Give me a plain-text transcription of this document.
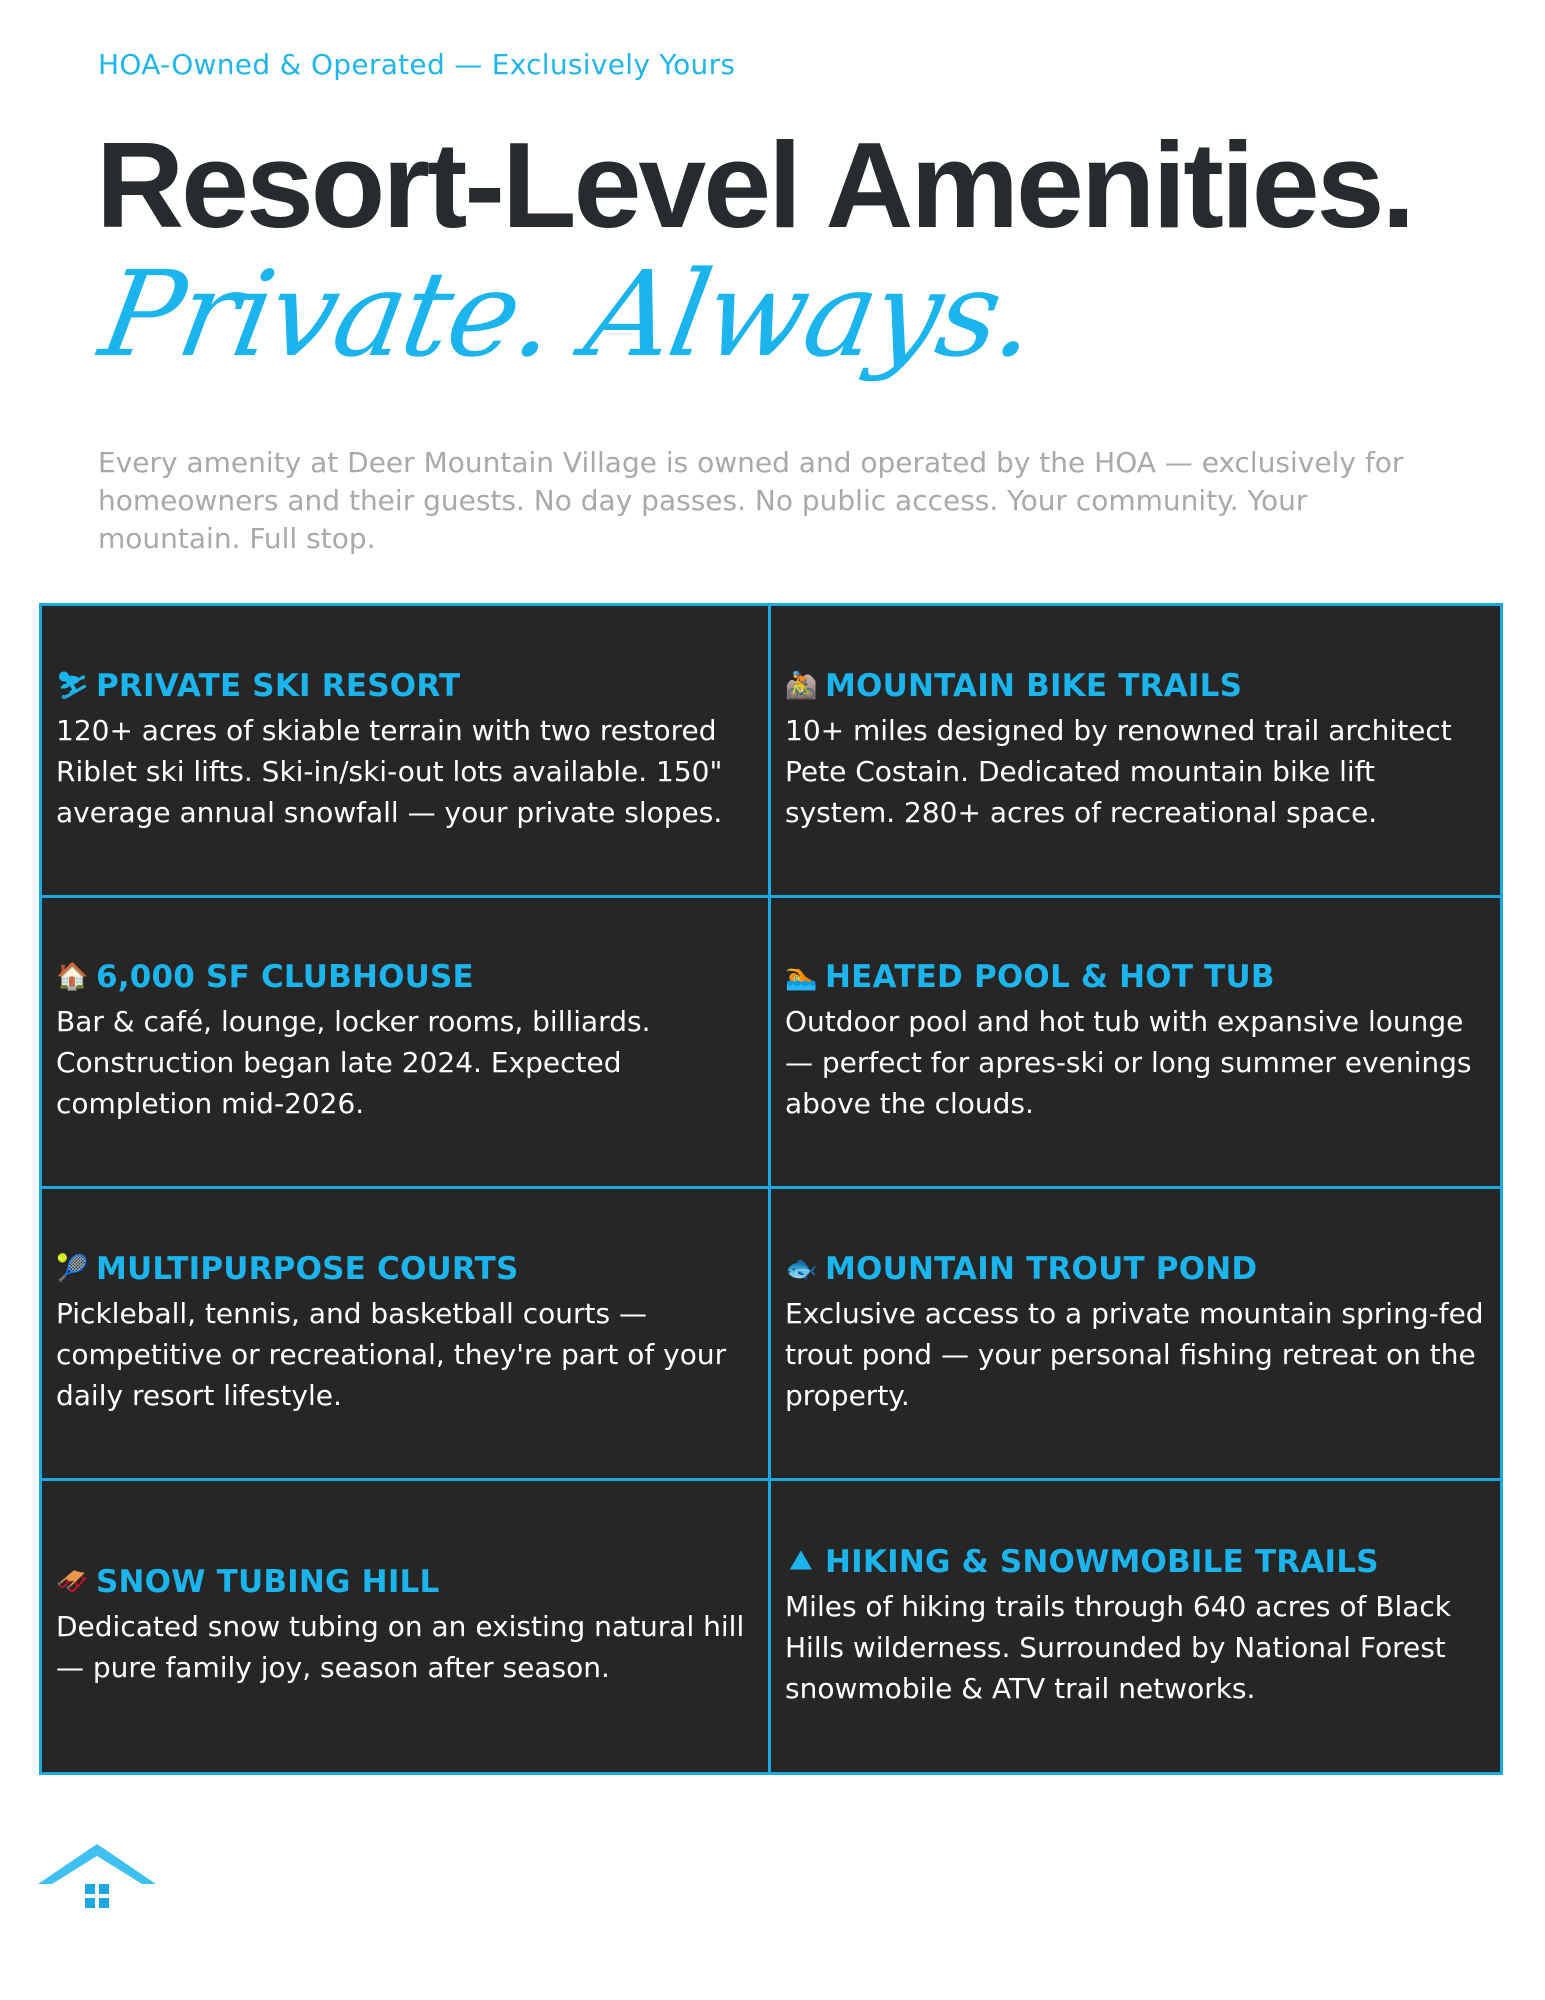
HOA-Owned & Operated — Exclusively Yours
Resort-Level Amenities.
Private. Always.

Every amenity at Deer Mountain Village is owned and operated by the HOA — exclusively for homeowners and their guests. No day passes. No public access. Your community. Your mountain. Full stop.

⛷ PRIVATE SKI RESORT
120+ acres of skiable terrain with two restored Riblet ski lifts. Ski-in/ski-out lots available. 150" average annual snowfall — your private slopes.
🚵 MOUNTAIN BIKE TRAILS
10+ miles designed by renowned trail architect Pete Costain. Dedicated mountain bike lift system. 280+ acres of recreational space.
🏠 6,000 SF CLUBHOUSE
Bar & café, lounge, locker rooms, billiards. Construction began late 2024. Expected completion mid-2026.
🏊 HEATED POOL & HOT TUB
Outdoor pool and hot tub with expansive lounge — perfect for apres-ski or long summer evenings above the clouds.
🎾 MULTIPURPOSE COURTS
Pickleball, tennis, and basketball courts — competitive or recreational, they're part of your daily resort lifestyle.
🐟 MOUNTAIN TROUT POND
Exclusive access to a private mountain spring-fed trout pond — your personal fishing retreat on the property.
🛷 SNOW TUBING HILL
Dedicated snow tubing on an existing natural hill — pure family joy, season after season.
⛰ HIKING & SNOWMOBILE TRAILS
Miles of hiking trails through 640 acres of Black Hills wilderness. Surrounded by National Forest snowmobile & ATV trail networks.
